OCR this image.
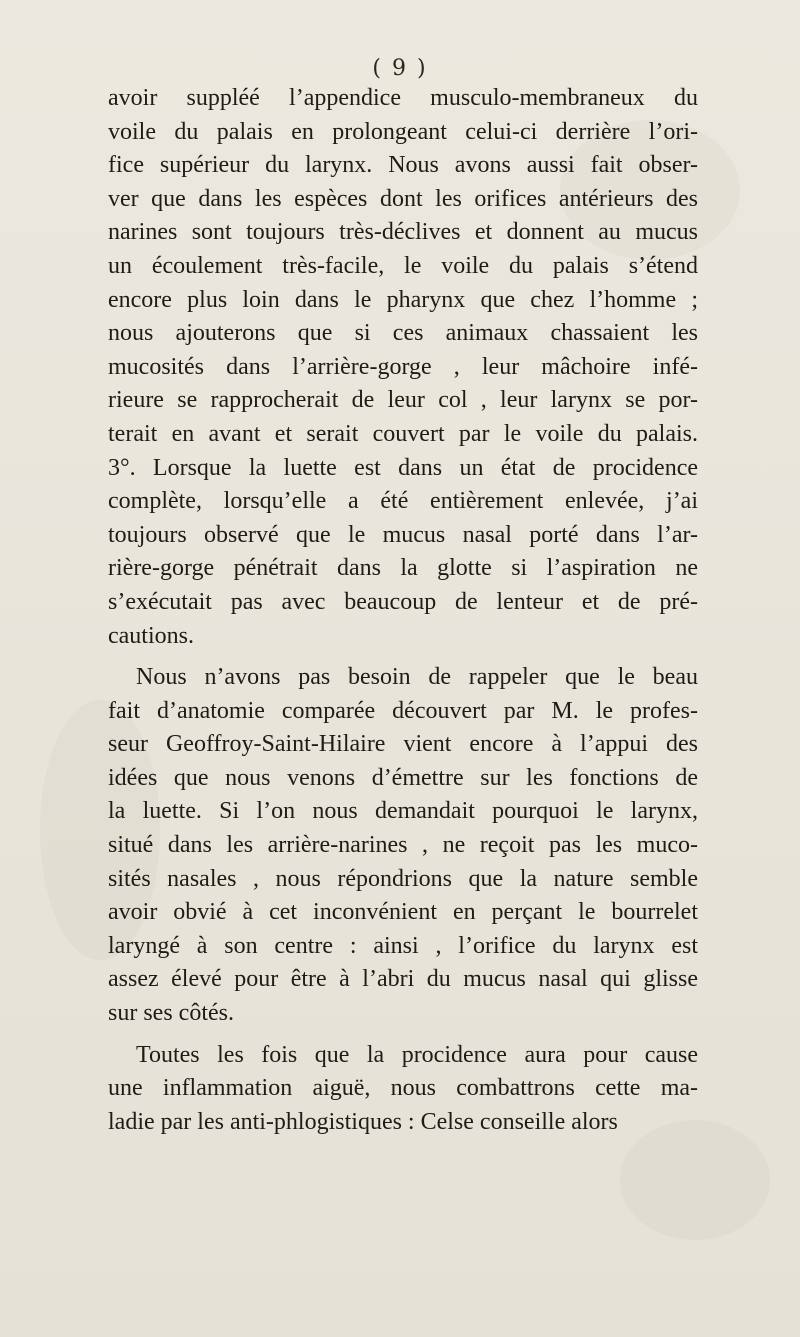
( 9 )
avoir suppléé l’appendice musculo-membraneux du
voile du palais en prolongeant celui-ci derrière l’ori-
fice supérieur du larynx. Nous avons aussi fait obser-
ver que dans les espèces dont les orifices antérieurs des
narines sont toujours très-déclives et donnent au mucus
un écoulement très-facile, le voile du palais s’étend
encore plus loin dans le pharynx que chez l’homme ;
nous ajouterons que si ces animaux chassaient les
mucosités dans l’arrière-gorge , leur mâchoire infé-
rieure se rapprocherait de leur col , leur larynx se por-
terait en avant et serait couvert par le voile du palais.
3°. Lorsque la luette est dans un état de procidence
complète, lorsqu’elle a été entièrement enlevée, j’ai
toujours observé que le mucus nasal porté dans l’ar-
rière-gorge pénétrait dans la glotte si l’aspiration ne
s’exécutait pas avec beaucoup de lenteur et de pré-
cautions.
Nous n’avons pas besoin de rappeler que le beau
fait d’anatomie comparée découvert par M. le profes-
seur Geoffroy-Saint-Hilaire vient encore à l’appui des
idées que nous venons d’émettre sur les fonctions de
la luette. Si l’on nous demandait pourquoi le larynx,
situé dans les arrière-narines , ne reçoit pas les muco-
sités nasales , nous répondrions que la nature semble
avoir obvié à cet inconvénient en perçant le bourrelet
laryngé à son centre : ainsi , l’orifice du larynx est
assez élevé pour être à l’abri du mucus nasal qui glisse
sur ses côtés.
Toutes les fois que la procidence aura pour cause
une inflammation aiguë, nous combattrons cette ma-
ladie par les anti-phlogistiques : Celse conseille alors
